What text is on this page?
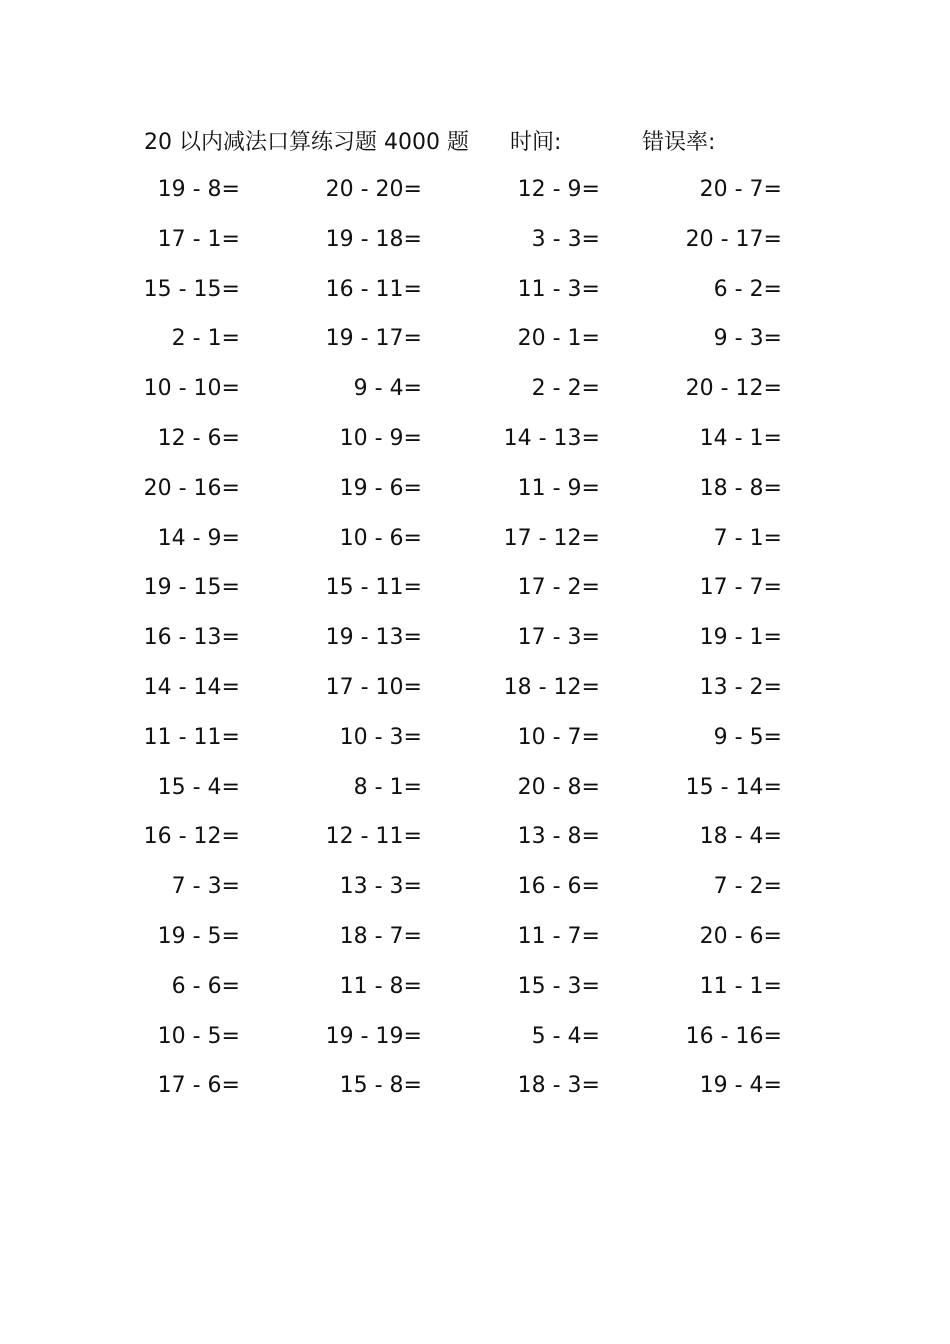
20 以内减法口算练习题 4000 题 时间:	错误率:
19 - 8=	20 - 20=	12 - 9=	20 - 7=
17 - 1=	19 - 18=	3 - 3=	20 - 17=
15 - 15=	16 - 11=	11 - 3=	6 - 2=
2 - 1=	19 - 17=	20 - 1=	9 - 3=
10 - 10=	9 - 4=	2 - 2=	20 - 12=
12 - 6=	10 - 9=	14 - 13=	14 - 1=
20 - 16=	19 - 6=	11 - 9=	18 - 8=
14 - 9=	10 - 6=	17 - 12=	7 - 1=
19 - 15=	15 - 11=	17 - 2=	17 - 7=
16 - 13=	19 - 13=	17 - 3=	19 - 1=
14 - 14=	17 - 10=	18 - 12=	13 - 2=
11 - 11=	10 - 3=	10 - 7=	9 - 5=
15 - 4=	8 - 1=	20 - 8=	15 - 14=
16 - 12=	12 - 11=	13 - 8=	18 - 4=
7 - 3=	13 - 3=	16 - 6=	7 - 2=
19 - 5=	18 - 7=	11 - 7=	20 - 6=
6 - 6=	11 - 8=	15 - 3=	11 - 1=
10 - 5=	19 - 19=	5 - 4=	16 - 16=
17 - 6=	15 - 8=	18 - 3=	19 - 4=
